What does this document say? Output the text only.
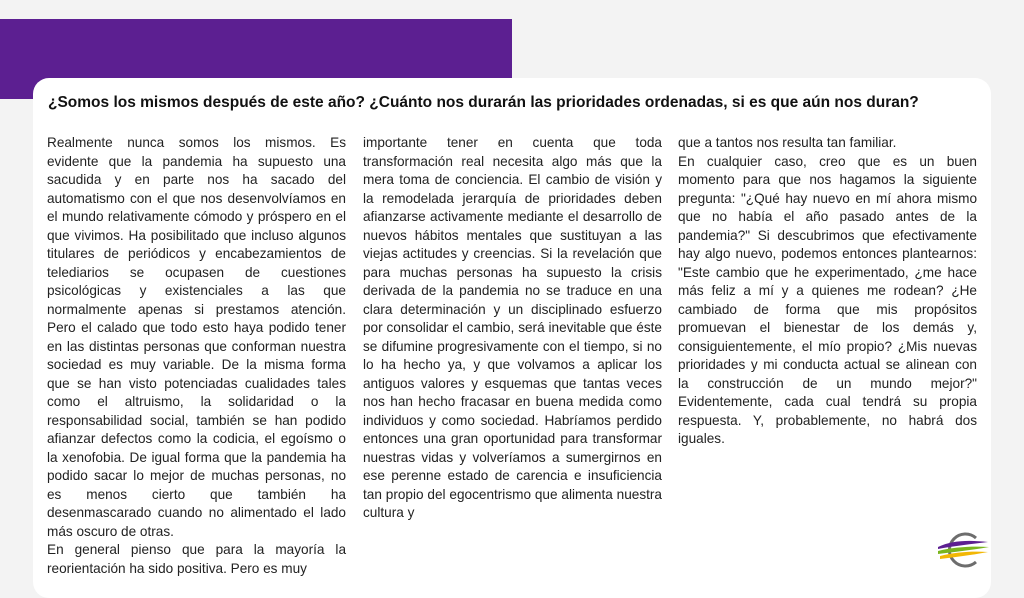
¿Somos los mismos después de este año? ¿Cuánto nos durarán las prioridades ordenadas, si es que aún nos duran?

Realmente nunca somos los mismos. Es evidente que la pandemia ha supuesto una sacudida y en parte nos ha sacado del automatismo con el que nos desenvolvíamos en el mundo relativamente cómodo y próspero en el que vivimos. Ha posibilitado que incluso algunos titulares de periódicos y encabezamientos de telediarios se ocupasen de cuestiones psicológicas y existenciales a las que normalmente apenas si prestamos atención. Pero el calado que todo esto haya podido tener en las distintas personas que conforman nuestra sociedad es muy variable. De la misma forma que se han visto potenciadas cualidades tales como el altruismo, la solidaridad o la responsabilidad social, también se han podido afianzar defectos como la codicia, el egoísmo o la xenofobia. De igual forma que la pandemia ha podido sacar lo mejor de muchas personas, no es menos cierto que también ha desenmascarado cuando no alimentado el lado más oscuro de otras.

En general pienso que para la mayoría la reorientación ha sido positiva. Pero es muy

importante tener en cuenta que toda transformación real necesita algo más que la mera toma de conciencia. El cambio de visión y la remodelada jerarquía de prioridades deben afianzarse activamente mediante el desarrollo de nuevos hábitos mentales que sustituyan a las viejas actitudes y creencias. Si la revelación que para muchas personas ha supuesto la crisis derivada de la pandemia no se traduce en una clara determinación y un disciplinado esfuerzo por consolidar el cambio, será inevitable que éste se difumine progresivamente con el tiempo, si no lo ha hecho ya, y que volvamos a aplicar los antiguos valores y esquemas que tantas veces nos han hecho fracasar en buena medida como individuos y como sociedad. Habríamos perdido entonces una gran oportunidad para transformar nuestras vidas y volveríamos a sumergirnos en ese perenne estado de carencia e insuficiencia tan propio del egocentrismo que alimenta nuestra cultura y

que a tantos nos resulta tan familiar.

En cualquier caso, creo que es un buen momento para que nos hagamos la siguiente pregunta: "¿Qué hay nuevo en mí ahora mismo que no había el año pasado antes de la pandemia?" Si descubrimos que efectivamente hay algo nuevo, podemos entonces plantearnos: "Este cambio que he experimentado, ¿me hace más feliz a mí y a quienes me rodean? ¿He cambiado de forma que mis propósitos promuevan el bienestar de los demás y, consiguientemente, el mío propio? ¿Mis nuevas prioridades y mi conducta actual se alinean con la construcción de un mundo mejor?" Evidentemente, cada cual tendrá su propia respuesta. Y, probablemente, no habrá dos iguales.
